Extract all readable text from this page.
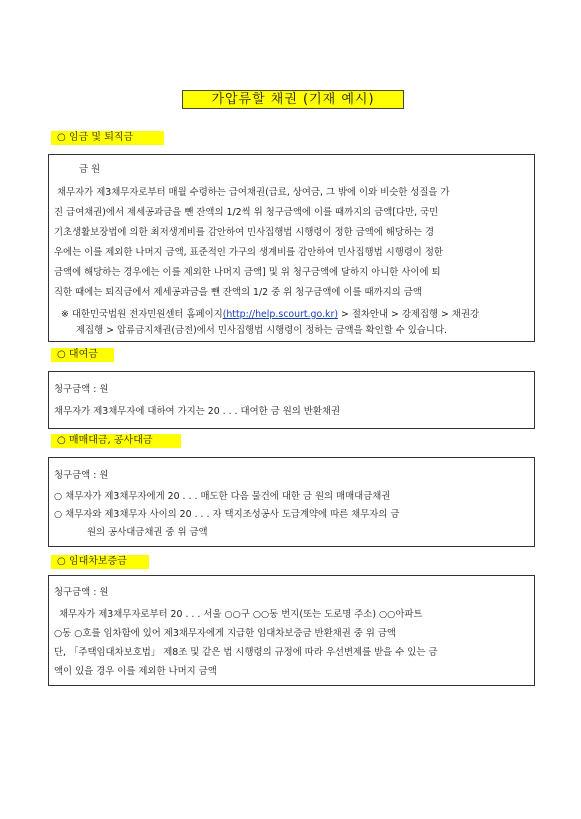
가압류할 채권 (기재 예시)
○ 임금 및 퇴직금
금 원
채무자가 제3채무자로부터 매월 수령하는 급여채권(급료, 상여금, 그 밖에 이와 비슷한 성질을 가
진 급여채권)에서 제세공과금을 뺀 잔액의 1/2씩 위 청구금액에 이를 때까지의 금액[다만, 국민
기초생활보장법에 의한 최저생계비를 감안하여 민사집행법 시행령이 정한 금액에 해당하는 경
우에는 이를 제외한 나머지 금액, 표준적인 가구의 생계비를 감안하여 민사집행법 시행령이 정한
금액에 해당하는 경우에는 이를 제외한 나머지 금액] 및 위 청구금액에 달하지 아니한 사이에 퇴
직한 때에는 퇴직금에서 제세공과금을 뺀 잔액의 1/2 중 위 청구금액에 이를 때까지의 금액
※ 대한민국법원 전자민원센터 홈페이지(http://help.scourt.go.kr) > 절차안내 > 강제집행 > 채권강
제집행 > 압류금지채권(금전)에서 민사집행법 시행령이 정하는 금액을 확인할 수 있습니다.
○ 대여금
청구금액 : 원
채무자가 제3채무자에 대하여 가지는 20 . . . 대여한 금 원의 반환채권
○ 매매대금, 공사대금
청구금액 : 원
○ 채무자가 제3채무자에게 20 . . . 매도한 다음 물건에 대한 금 원의 매매대금채권
○ 채무자와 제3채무자 사이의 20 . . . 자 택지조성공사 도급계약에 따른 채무자의 금
원의 공사대금채권 중 위 금액
○ 임대차보증금
청구금액 : 원
채무자가 제3채무자로부터 20 . . . 서울 ○○구 ○○동 번지(또는 도로명 주소) ○○아파트
○동 ○호를 임차함에 있어 제3채무자에게 지급한 임대차보증금 반환채권 중 위 금액
단, 「주택임대차보호법」 제8조 및 같은 법 시행령의 규정에 따라 우선변제를 받을 수 있는 금
액이 있을 경우 이를 제외한 나머지 금액
